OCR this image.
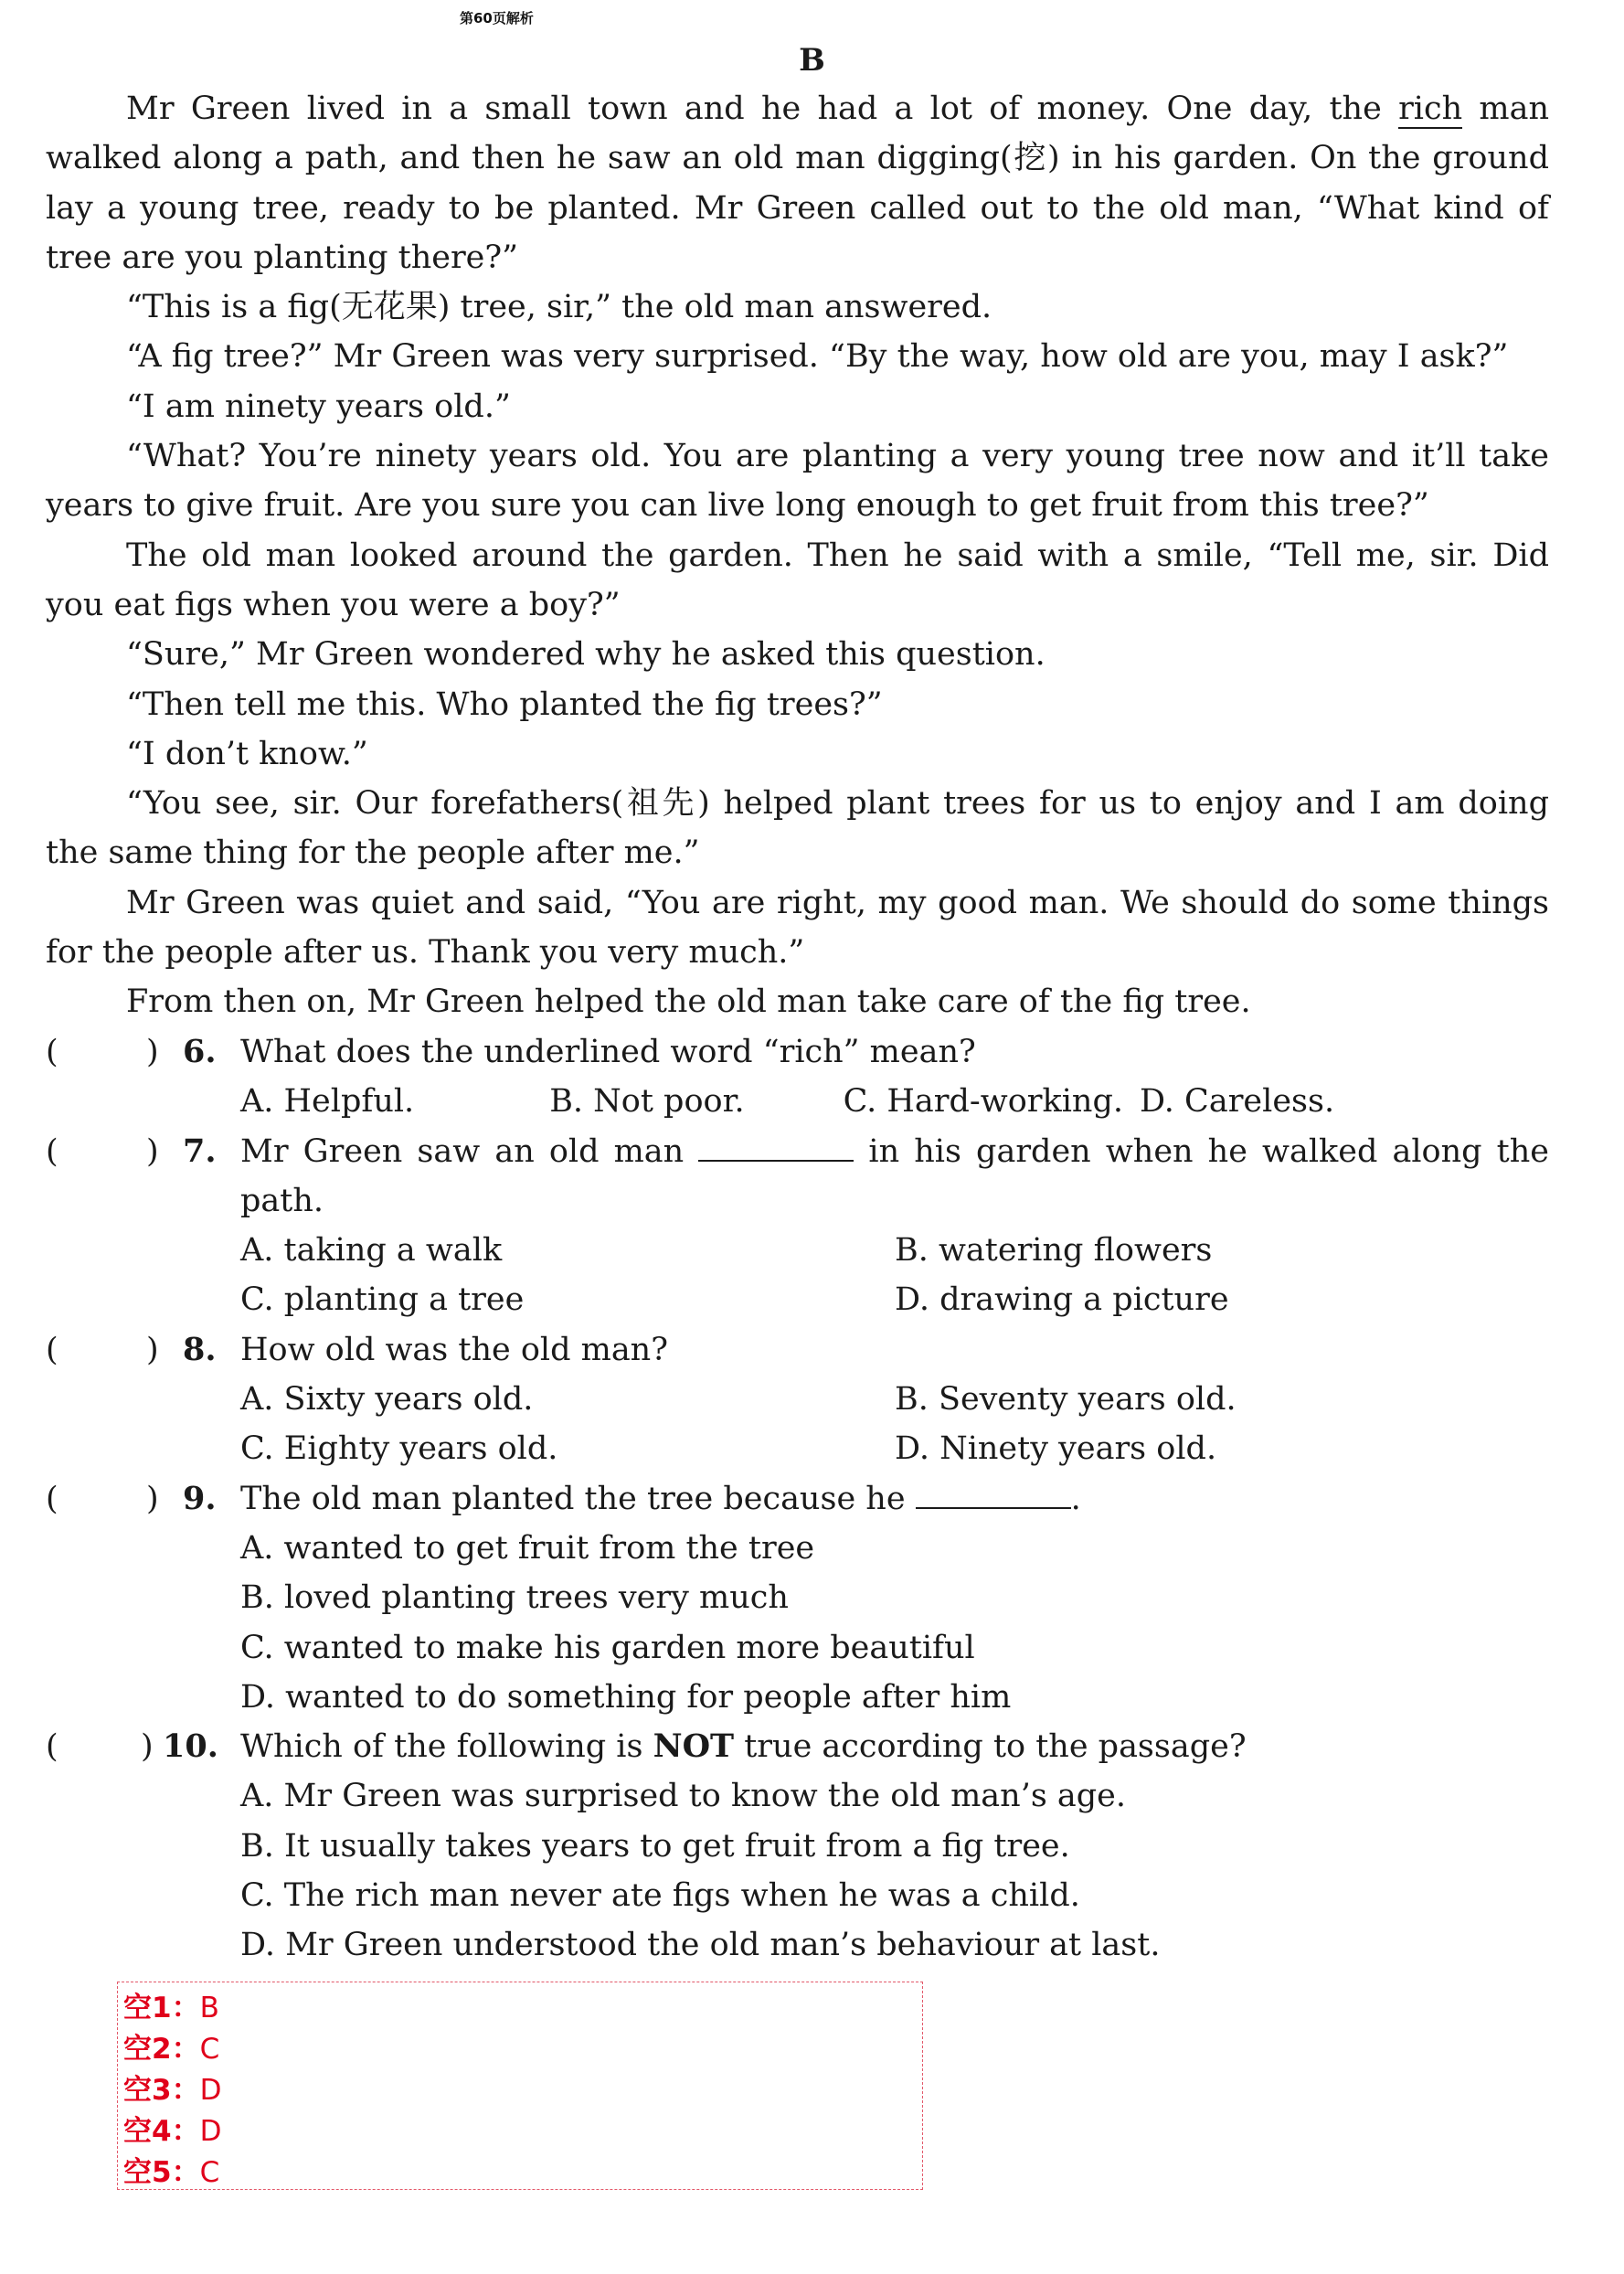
第60页解析
B

Mr Green lived in a small town and he had a lot of money. One day, the rich man walked along a path, and then he saw an old man digging(挖) in his garden. On the ground lay a young tree, ready to be planted. Mr Green called out to the old man, “What kind of tree are you planting there?”

“This is a fig(无花果) tree, sir,” the old man answered.

“A fig tree?” Mr Green was very surprised. “By the way, how old are you, may I ask?”

“I am ninety years old.”

“What? You’re ninety years old. You are planting a very young tree now and it’ll take years to give fruit. Are you sure you can live long enough to get fruit from this tree?”

The old man looked around the garden. Then he said with a smile, “Tell me, sir. Did you eat figs when you were a boy?”

“Sure,” Mr Green wondered why he asked this question.

“Then tell me this. Who planted the fig trees?”

“I don’t know.”

“You see, sir. Our forefathers(祖先) helped plant trees for us to enjoy and I am doing the same thing for the people after me.”

Mr Green was quiet and said, “You are right, my good man. We should do some things for the people after us. Thank you very much.”

From then on, Mr Green helped the old man take care of the fig tree.

(	) 6. What does the underlined word “rich” mean?
A. Helpful.	B. Not poor.	C. Hard-working. D. Careless.
(	) 7. Mr Green saw an old man	in his garden when he walked along the path.
A. taking a walk	B. watering flowers
C. planting a tree	D. drawing a picture
(	) 8. How old was the old man?
A. Sixty years old.	B. Seventy years old.
C. Eighty years old.	D. Ninety years old.
(	) 9. The old man planted the tree because he	.
A. wanted to get fruit from the tree
B. loved planting trees very much
C. wanted to make his garden more beautiful
D. wanted to do something for people after him
(	) 10. Which of the following is NOT true according to the passage?
A. Mr Green was surprised to know the old man’s age.
B. It usually takes years to get fruit from a fig tree.
C. The rich man never ate figs when he was a child.
D. Mr Green understood the old man’s behaviour at last.
空1：B
空2：C
空3：D
空4：D
空5：C
